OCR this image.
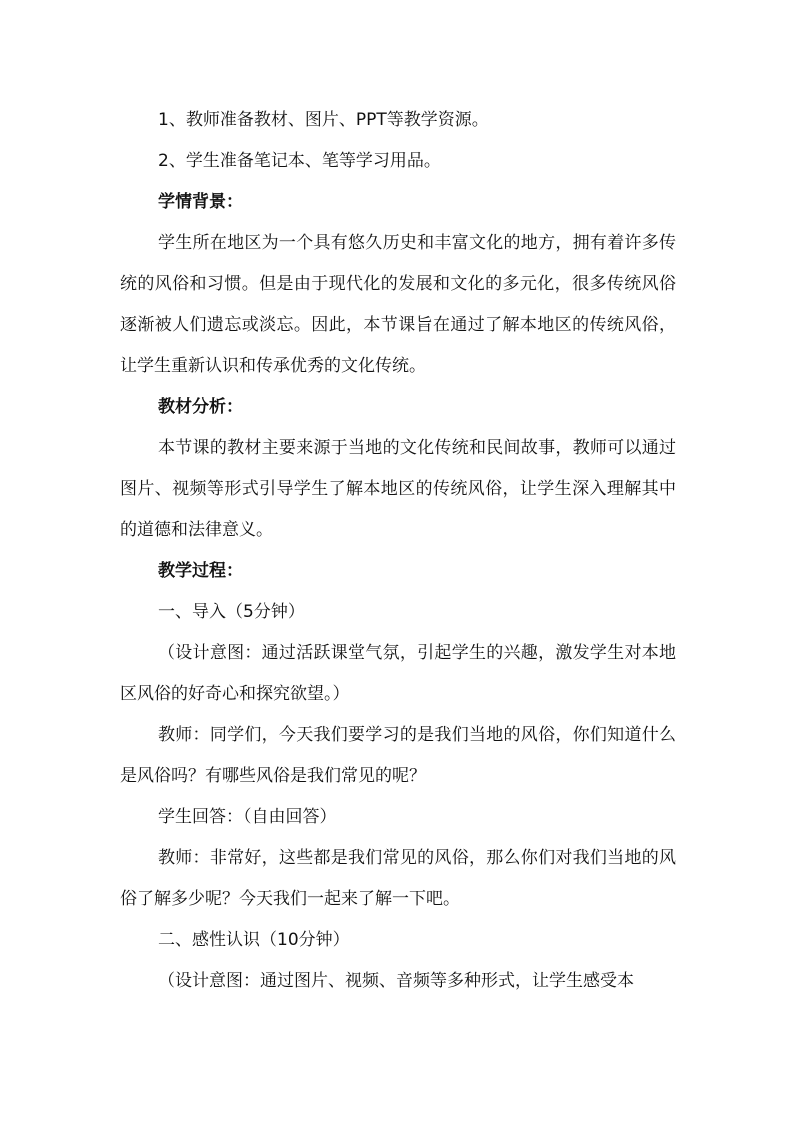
1、教师准备教材、图片、PPT等教学资源。

2、学生准备笔记本、笔等学习用品。

学情背景：

学生所在地区为一个具有悠久历史和丰富文化的地方，拥有着许多传统的风俗和习惯。但是由于现代化的发展和文化的多元化，很多传统风俗逐渐被人们遗忘或淡忘。因此，本节课旨在通过了解本地区的传统风俗，让学生重新认识和传承优秀的文化传统。

教材分析：

本节课的教材主要来源于当地的文化传统和民间故事，教师可以通过图片、视频等形式引导学生了解本地区的传统风俗，让学生深入理解其中的道德和法律意义。

教学过程：

一、导入（5分钟）

（设计意图：通过活跃课堂气氛，引起学生的兴趣，激发学生对本地区风俗的好奇心和探究欲望。）

教师：同学们，今天我们要学习的是我们当地的风俗，你们知道什么是风俗吗？有哪些风俗是我们常见的呢？

学生回答：（自由回答）

教师：非常好，这些都是我们常见的风俗，那么你们对我们当地的风俗了解多少呢？今天我们一起来了解一下吧。

二、感性认识（10分钟）

（设计意图：通过图片、视频、音频等多种形式，让学生感受本
